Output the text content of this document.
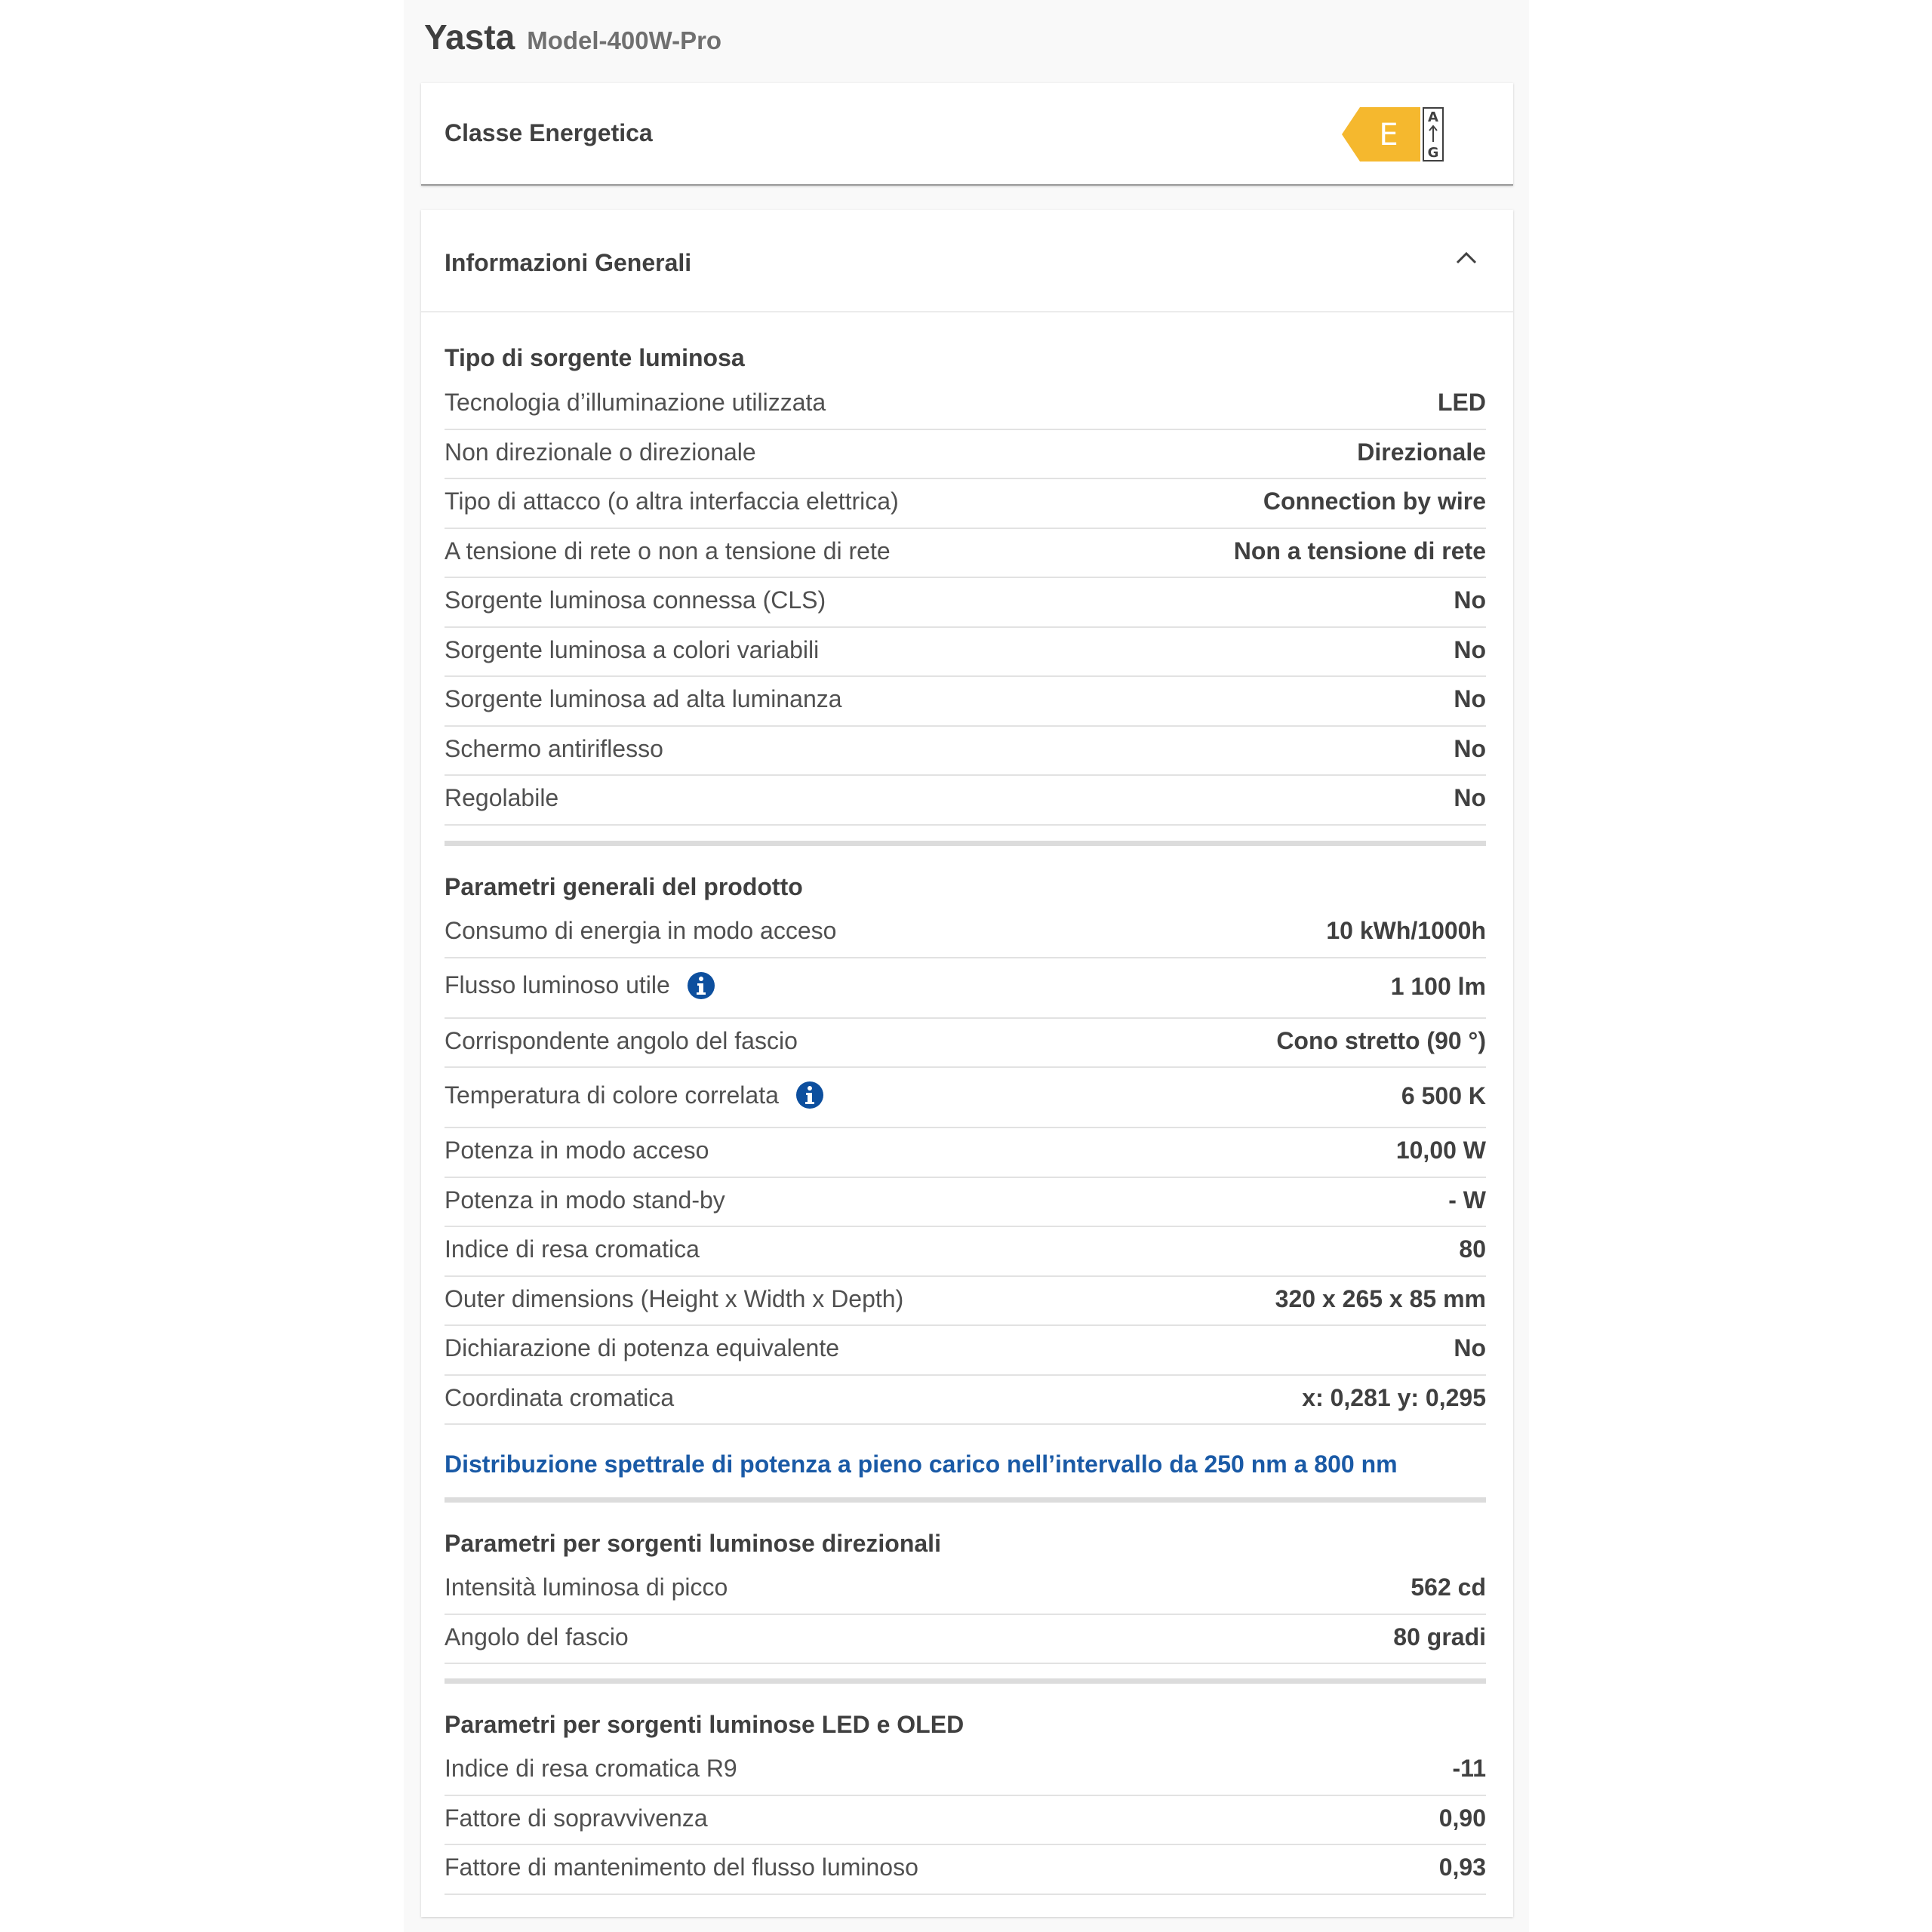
Yasta Model-400W-Pro
Classe Energetica	E
A
G
Informazioni Generali
Tipo di sorgente luminosa
Tecnologia d’illuminazione utilizzata	LED
Non direzionale o direzionale	Direzionale
Tipo di attacco (o altra interfaccia elettrica)	Connection by wire
A tensione di rete o non a tensione di rete	Non a tensione di rete
Sorgente luminosa connessa (CLS)	No
Sorgente luminosa a colori variabili	No
Sorgente luminosa ad alta luminanza	No
Schermo antiriflesso	No
Regolabile	No
Parametri generali del prodotto
Consumo di energia in modo acceso	10 kWh/1000h
Flusso luminoso utile	1 100 lm
Corrispondente angolo del fascio	Cono stretto (90 °)
Temperatura di colore correlata	6 500 K
Potenza in modo acceso	10,00 W
Potenza in modo stand-by	- W
Indice di resa cromatica	80
Outer dimensions (Height x Width x Depth)	320 x 265 x 85 mm
Dichiarazione di potenza equivalente	No
Coordinata cromatica	x: 0,281 y: 0,295
Distribuzione spettrale di potenza a pieno carico nell’intervallo da 250 nm a 800 nm
Parametri per sorgenti luminose direzionali
Intensità luminosa di picco	562 cd
Angolo del fascio	80 gradi
Parametri per sorgenti luminose LED e OLED
Indice di resa cromatica R9	-11
Fattore di sopravvivenza	0,90
Fattore di mantenimento del flusso luminoso	0,93
